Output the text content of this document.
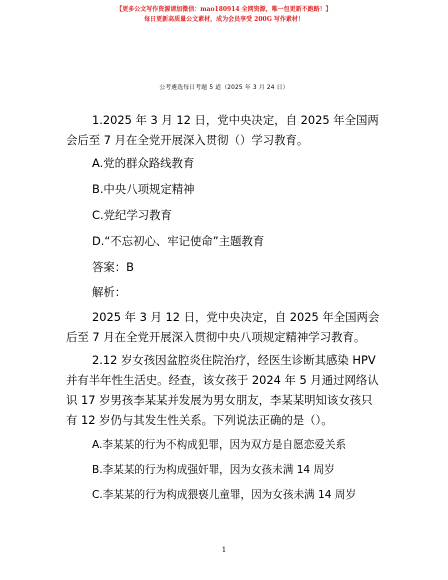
【更多公文写作资源请加微信：mao180914 全网资源，唯一包更新不跑路！】
每日更新高质量公文素材，成为会员享受 200G 写作素材！
公考遴选每日考题 5 道（2025 年 3 月 24 日）
1.2025 年 3 月 12 日，党中央决定，自 2025 年全国两
会后至 7 月在全党开展深入贯彻（）学习教育。
A.党的群众路线教育
B.中央八项规定精神
C.党纪学习教育
D.“不忘初心、牢记使命”主题教育
答案：B
解析：
2025 年 3 月 12 日，党中央决定，自 2025 年全国两会
后至 7 月在全党开展深入贯彻中央八项规定精神学习教育。
2.12 岁女孩因盆腔炎住院治疗，经医生诊断其感染 HPV
并有半年性生活史。经查，该女孩于 2024 年 5 月通过网络认
识 17 岁男孩李某某并发展为男女朋友，李某某明知该女孩只
有 12 岁仍与其发生性关系。下列说法正确的是（）。
A.李某某的行为不构成犯罪，因为双方是自愿恋爱关系
B.李某某的行为构成强奸罪，因为女孩未满 14 周岁
C.李某某的行为构成猥亵儿童罪，因为女孩未满 14 周岁
1
